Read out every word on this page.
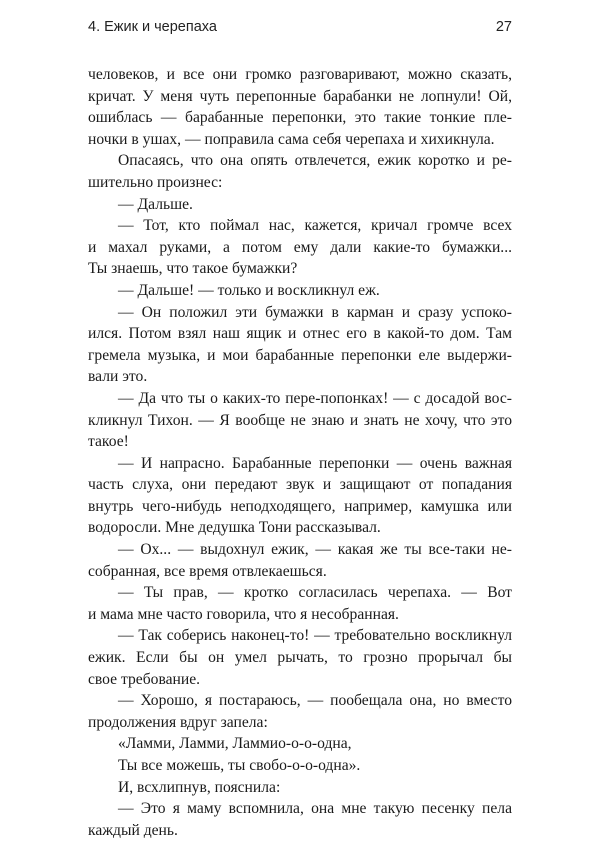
4. Ежик и черепаха	27
человеков, и все они громко разговаривают, можно сказать,
кричат. У меня чуть перепонные барабанки не лопнули! Ой,
ошиблась — барабанные перепонки, это такие тонкие пле-
ночки в ушах, — поправила сама себя черепаха и хихикнула.
Опасаясь, что она опять отвлечется, ежик коротко и ре-
шительно произнес:
— Дальше.
— Тот, кто поймал нас, кажется, кричал громче всех
и махал руками, а потом ему дали какие-то бумажки...
Ты знаешь, что такое бумажки?
— Дальше! — только и воскликнул еж.
— Он положил эти бумажки в карман и сразу успоко-
ился. Потом взял наш ящик и отнес его в какой-то дом. Там
гремела музыка, и мои барабанные перепонки еле выдержи-
вали это.
— Да что ты о каких-то пере-попонках! — с досадой вос-
кликнул Тихон. — Я вообще не знаю и знать не хочу, что это
такое!
— И напрасно. Барабанные перепонки — очень важная
часть слуха, они передают звук и защищают от попадания
внутрь чего-нибудь неподходящего, например, камушка или
водоросли. Мне дедушка Тони рассказывал.
— Ох... — выдохнул ежик, — какая же ты все-таки не-
собранная, все время отвлекаешься.
— Ты прав, — кротко согласилась черепаха. — Вот
и мама мне часто говорила, что я несобранная.
— Так соберись наконец-то! — требовательно воскликнул
ежик. Если бы он умел рычать, то грозно прорычал бы
свое требование.
— Хорошо, я постараюсь, — пообещала она, но вместо
продолжения вдруг запела:
«Ламми, Ламми, Ламмио-о-о-одна,
Ты все можешь, ты свобо-о-о-одна».
И, всхлипнув, пояснила:
— Это я маму вспомнила, она мне такую песенку пела
каждый день.
